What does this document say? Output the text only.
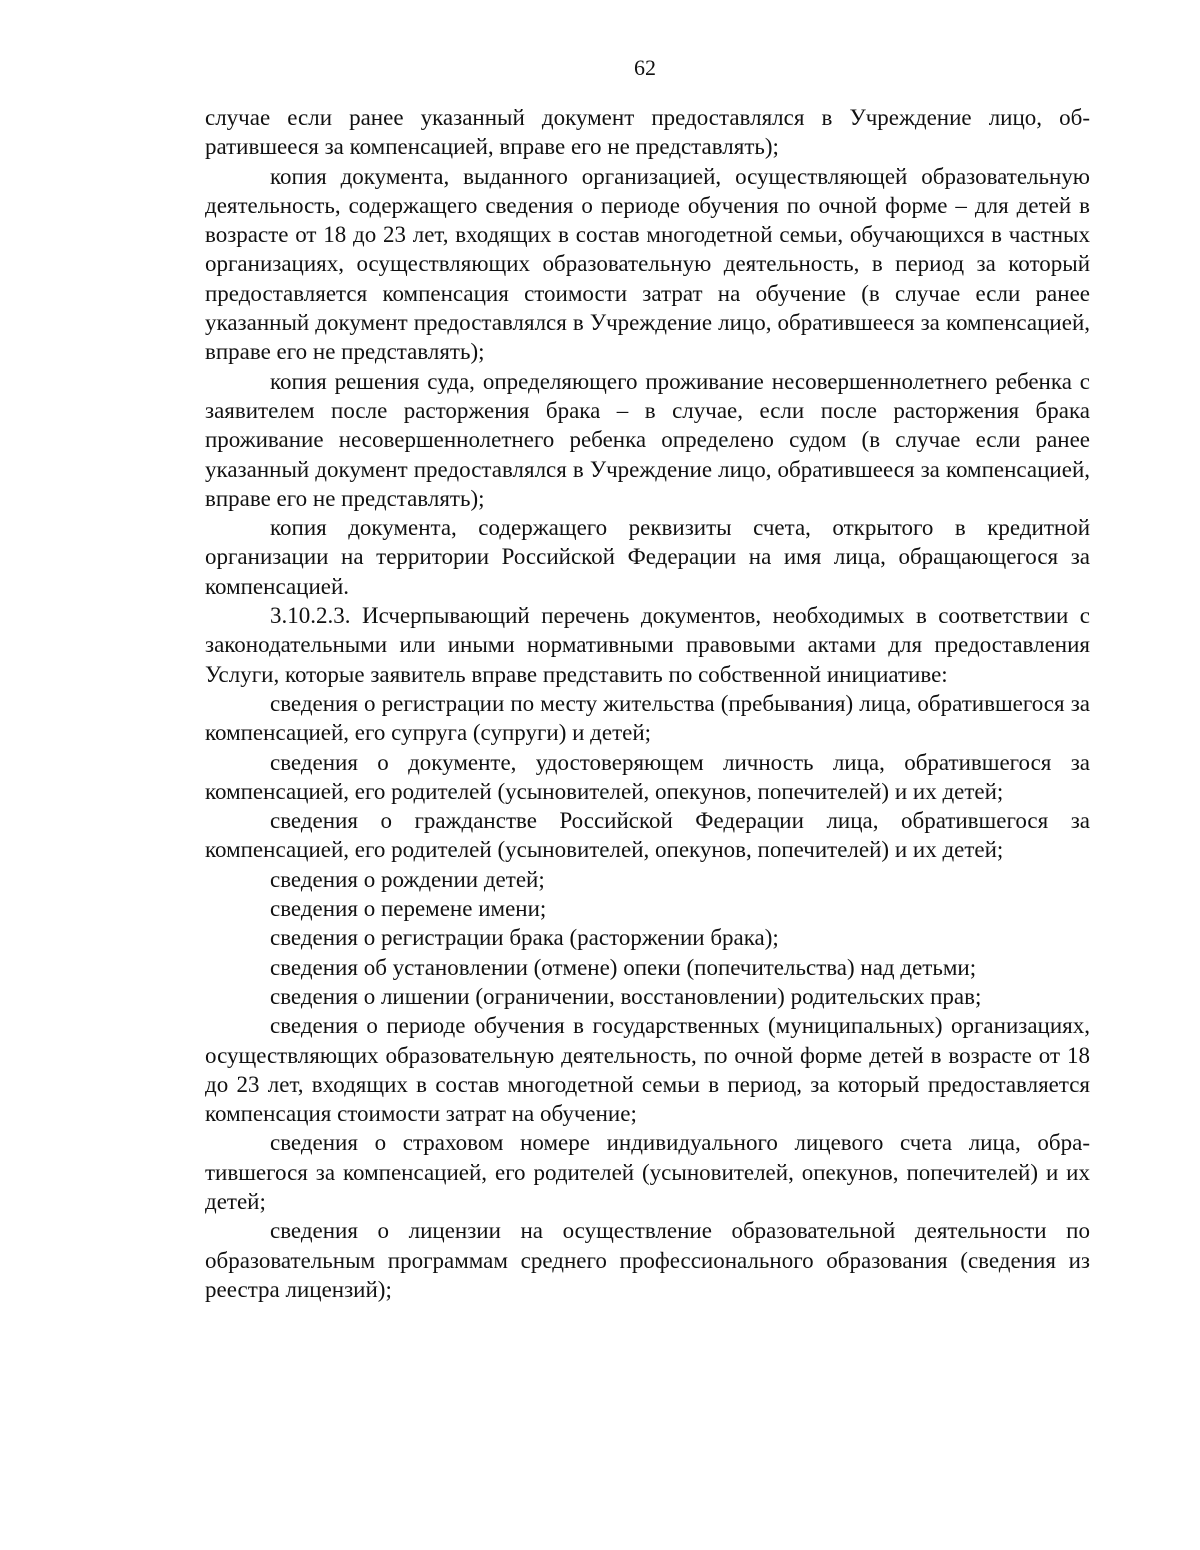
62

случае если ранее указанный документ предоставлялся в Учреждение лицо, обратившееся за компенсацией, вправе его не представлять);

копия документа, выданного организацией, осуществляющей образовательную деятельность, содержащего сведения о периоде обучения по очной форме – для детей в возрасте от 18 до 23 лет, входящих в состав многодетной семьи, обучающихся в частных организациях, осуществляющих образовательную деятельность, в период за который предоставляется компенсация стоимости затрат на обучение (в случае если ранее указанный документ предоставлялся в Учреждение лицо, обратившееся за компенсацией, вправе его не представлять);

копия решения суда, определяющего проживание несовершеннолетнего ребенка с заявителем после расторжения брака – в случае, если после расторжения брака проживание несовершеннолетнего ребенка определено судом (в случае если ранее указанный документ предоставлялся в Учреждение лицо, обратившееся за компенсацией, вправе его не представлять);

копия документа, содержащего реквизиты счета, открытого в кредитной организации на территории Российской Федерации на имя лица, обращающегося за компенсацией.

3.10.2.3. Исчерпывающий перечень документов, необходимых в соответствии с законодательными или иными нормативными правовыми актами для предоставления Услуги, которые заявитель вправе представить по собственной инициативе:

сведения о регистрации по месту жительства (пребывания) лица, обратившегося за компенсацией, его супруга (супруги) и детей;

сведения о документе, удостоверяющем личность лица, обратившегося за компенсацией, его родителей (усыновителей, опекунов, попечителей) и их детей;

сведения о гражданстве Российской Федерации лица, обратившегося за компенсацией, его родителей (усыновителей, опекунов, попечителей) и их детей;

сведения о рождении детей;

сведения о перемене имени;

сведения о регистрации брака (расторжении брака);

сведения об установлении (отмене) опеки (попечительства) над детьми;

сведения о лишении (ограничении, восстановлении) родительских прав;

сведения о периоде обучения в государственных (муниципальных) организациях, осуществляющих образовательную деятельность, по очной форме детей в возрасте от 18 до 23 лет, входящих в состав многодетной семьи в период, за который предоставляется компенсация стоимости затрат на обучение;

сведения о страховом номере индивидуального лицевого счета лица, обратившегося за компенсацией, его родителей (усыновителей, опекунов, попечителей) и их детей;

сведения о лицензии на осуществление образовательной деятельности по образовательным программам среднего профессионального образования (сведения из реестра лицензий);
